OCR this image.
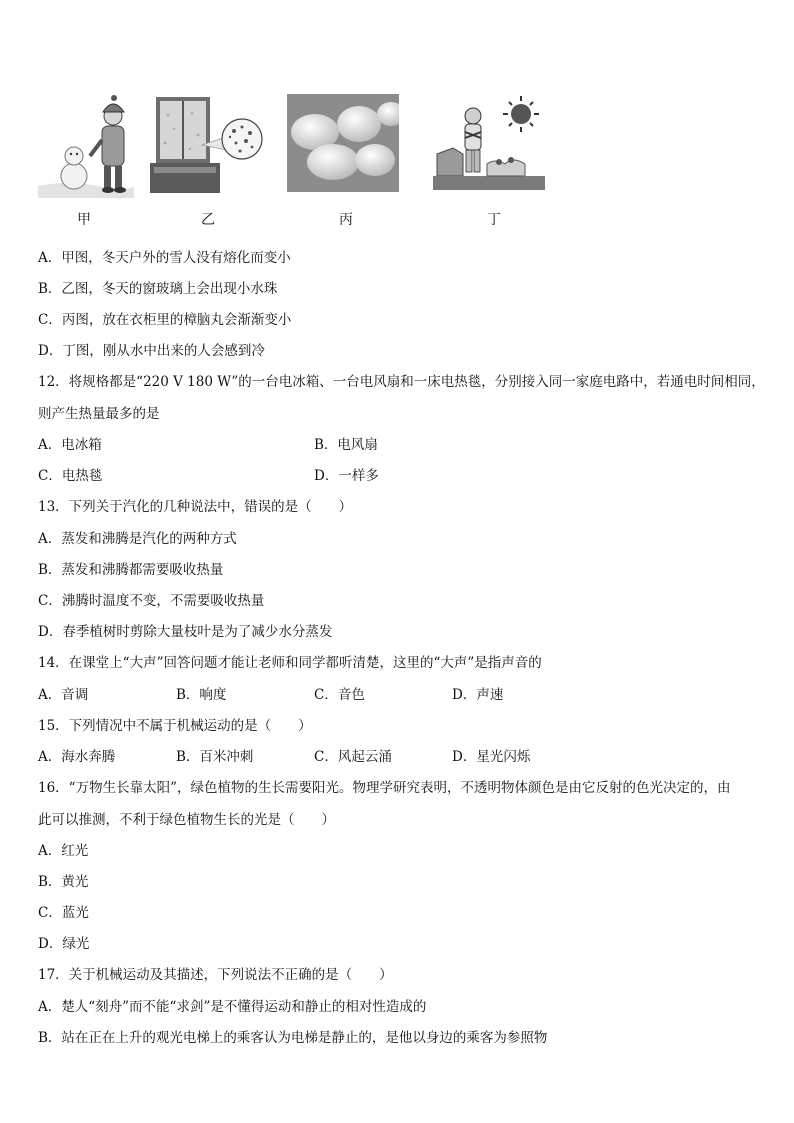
甲	乙	丙	丁
A．甲图，冬天户外的雪人没有熔化而变小
B．乙图，冬天的窗玻璃上会出现小水珠
C．丙图，放在衣柜里的樟脑丸会渐渐变小
D．丁图，刚从水中出来的人会感到冷
12．将规格都是“220 V 180 W”的一台电冰箱、一台电风扇和一床电热毯，分别接入同一家庭电路中，若通电时间相同，
则产生热量最多的是
A．电冰箱	B．电风扇
C．电热毯	D．一样多
13．下列关于汽化的几种说法中，错误的是（　　）
A．蒸发和沸腾是汽化的两种方式
B．蒸发和沸腾都需要吸收热量
C．沸腾时温度不变，不需要吸收热量
D．春季植树时剪除大量枝叶是为了减少水分蒸发
14．在课堂上“大声”回答问题才能让老师和同学都听清楚，这里的“大声”是指声音的
A．音调	B．响度	C．音色	D．声速
15．下列情况中不属于机械运动的是（　　）
A．海水奔腾	B．百米冲刺	C．风起云涌	D．星光闪烁
16．“万物生长靠太阳”，绿色植物的生长需要阳光。物理学研究表明，不透明物体颜色是由它反射的色光决定的，由
此可以推测，不利于绿色植物生长的光是（　　）
A．红光
B．黄光
C．蓝光
D．绿光
17．关于机械运动及其描述，下列说法不正确的是（　　）
A．楚人“刻舟”而不能“求剑”是不懂得运动和静止的相对性造成的
B．站在正在上升的观光电梯上的乘客认为电梯是静止的，是他以身边的乘客为参照物
